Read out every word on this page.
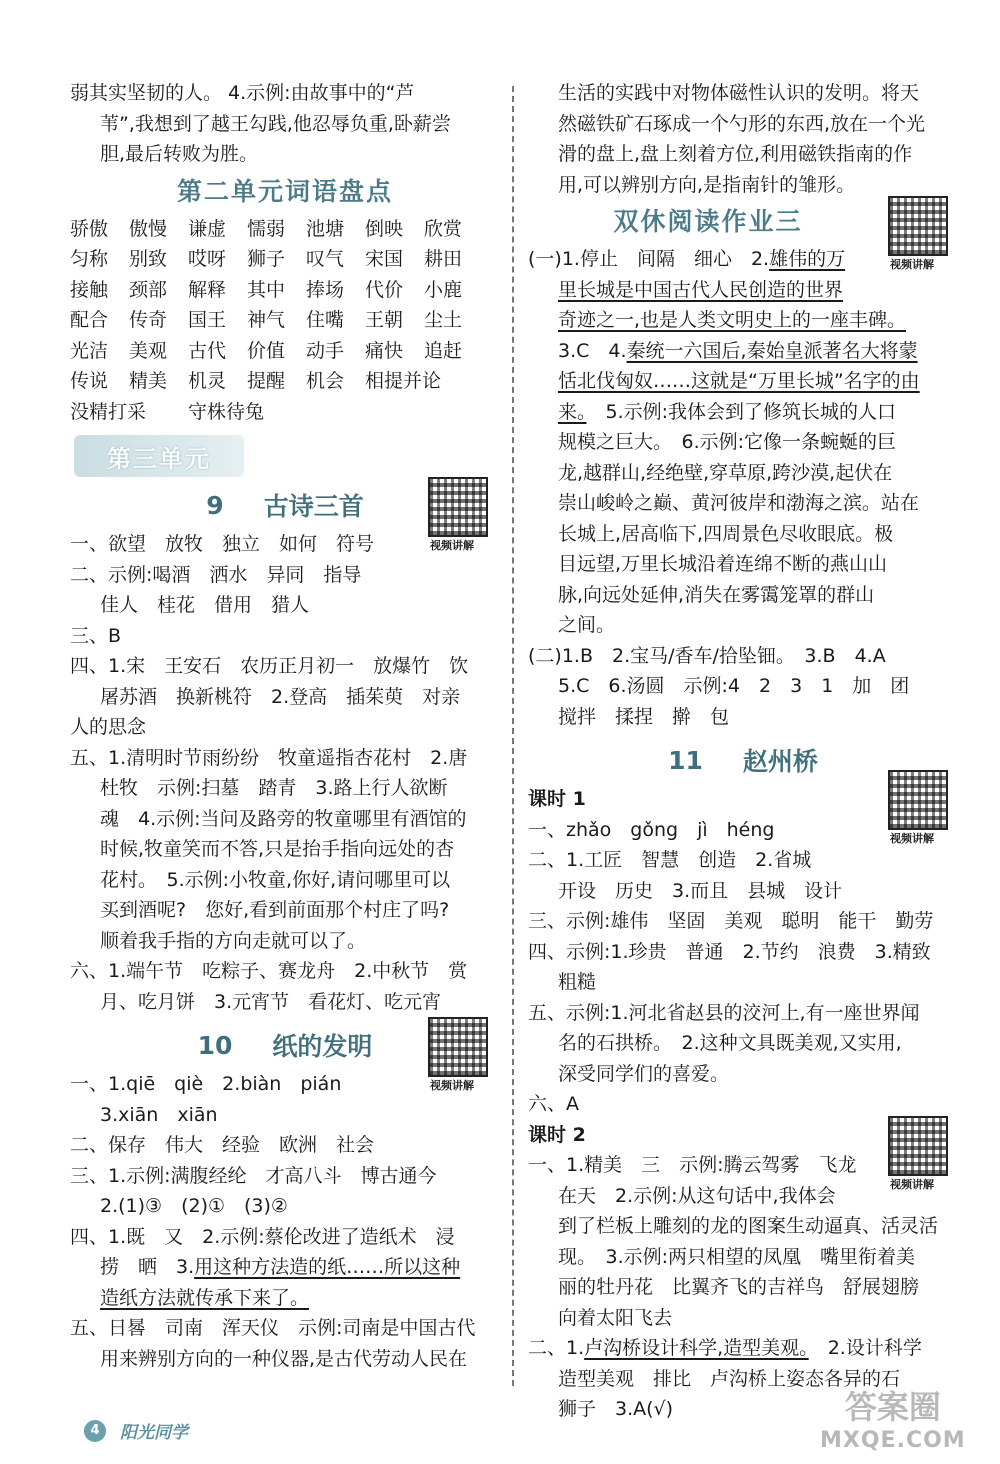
弱其实坚韧的人。 4.示例:由故事中的“芦
苇”,我想到了越王勾践,他忍辱负重,卧薪尝
胆,最后转败为胜。
第二单元词语盘点
骄傲	傲慢	谦虚	懦弱	池塘	倒映	欣赏
匀称	别致	哎呀	狮子	叹气	宋国	耕田
接触	颈部	解释	其中	捧场	代价	小鹿
配合	传奇	国王	神气	住嘴	王朝	尘土
光洁	美观	古代	价值	动手	痛快	追赶
传说	精美	机灵	提醒	机会	相提并论
没精打采	守株待兔
第三单元
9 古诗三首
视频讲解
一、欲望　放牧　独立　如何　符号
二、示例:喝酒　洒水　异同　指导
佳人　桂花　借用　猎人
三、B
四、1.宋　王安石　农历正月初一　放爆竹　饮
屠苏酒　换新桃符　2.登高　插茱萸　对亲
人的思念
五、1.清明时节雨纷纷　牧童遥指杏花村　2.唐
杜牧　示例:扫墓　踏青　3.路上行人欲断
魂　4.示例:当问及路旁的牧童哪里有酒馆的
时候,牧童笑而不答,只是抬手指向远处的杏
花村。　5.示例:小牧童,你好,请问哪里可以
买到酒呢?　您好,看到前面那个村庄了吗?
顺着我手指的方向走就可以了。
六、1.端午节　吃粽子、赛龙舟　2.中秋节　赏
月、吃月饼　3.元宵节　看花灯、吃元宵
10 纸的发明
视频讲解
一、1.qiē　qiè　2.biàn　pián
3.xiān　xiān
二、保存　伟大　经验　欧洲　社会
三、1.示例:满腹经纶　才高八斗　博古通今
2.(1)③　(2)①　(3)②
四、1.既　又　2.示例:蔡伦改进了造纸术　浸
捞　晒　3.用这种方法造的纸……所以这种
造纸方法就传承下来了。
五、日晷　司南　浑天仪　示例:司南是中国古代
用来辨别方向的一种仪器,是古代劳动人民在
生活的实践中对物体磁性认识的发明。将天
然磁铁矿石琢成一个勺形的东西,放在一个光
滑的盘上,盘上刻着方位,利用磁铁指南的作
用,可以辨别方向,是指南针的雏形。
双休阅读作业三
视频讲解
(一)1.停止　间隔　细心　2.雄伟的万
里长城是中国古代人民创造的世界
奇迹之一,也是人类文明史上的一座丰碑。
3.C　4.秦统一六国后,秦始皇派著名大将蒙
恬北伐匈奴……这就是“万里长城”名字的由
来。　5.示例:我体会到了修筑长城的人口
规模之巨大。　6.示例:它像一条蜿蜒的巨
龙,越群山,经绝壁,穿草原,跨沙漠,起伏在
崇山峻岭之巅、黄河彼岸和渤海之滨。站在
长城上,居高临下,四周景色尽收眼底。极
目远望,万里长城沿着连绵不断的燕山山
脉,向远处延伸,消失在雾霭笼罩的群山
之间。
(二)1.B　2.宝马/香车/拾坠钿。　3.B　4.A
5.C　6.汤圆　示例:4　2　3　1　加　团
搅拌　揉捏　擀　包
11 赵州桥
课时 1
视频讲解
一、zhǎo　gǒng　jì　héng
二、1.工匠　智慧　创造　2.省城
开设　历史　3.而且　县城　设计
三、示例:雄伟　坚固　美观　聪明　能干　勤劳
四、示例:1.珍贵　普通　2.节约　浪费　3.精致
粗糙
五、示例:1.河北省赵县的洨河上,有一座世界闻
名的石拱桥。　2.这种文具既美观,又实用,
深受同学们的喜爱。
六、A
课时 2
视频讲解
一、1.精美　三　示例:腾云驾雾　飞龙
在天　2.示例:从这句话中,我体会
到了栏板上雕刻的龙的图案生动逼真、活灵活
现。　3.示例:两只相望的凤凰　嘴里衔着美
丽的牡丹花　比翼齐飞的吉祥鸟　舒展翅膀
向着太阳飞去
二、1.卢沟桥设计科学,造型美观。　2.设计科学
造型美观　排比　卢沟桥上姿态各异的石
狮子　3.A(√)
4	阳光同学
答案圈
MXQE.COM
